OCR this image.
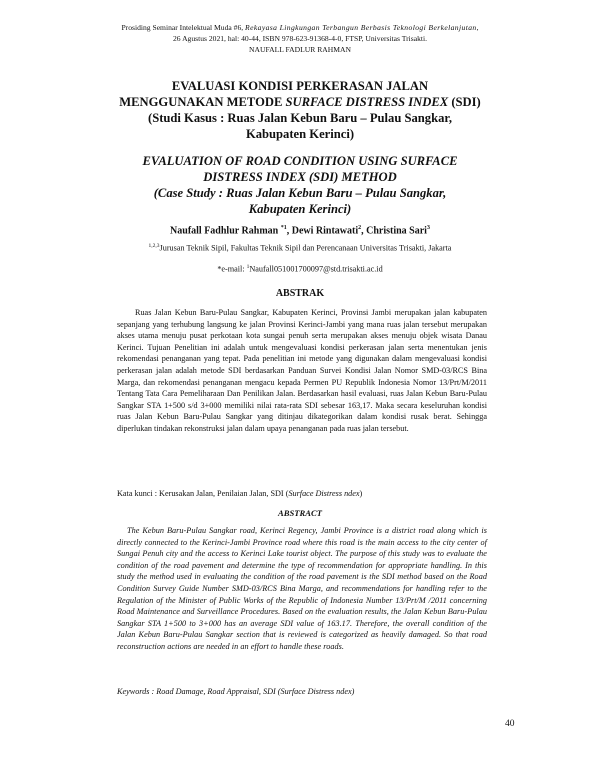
Prosiding Seminar Intelektual Muda #6, Rekayasa Lingkungan Terbangun Berbasis Teknologi Berkelanjutan,
26 Agustus 2021, hal: 40-44, ISBN 978-623-91368-4-0, FTSP, Universitas Trisakti.
NAUFALL FADLUR RAHMAN
EVALUASI KONDISI PERKERASAN JALAN
MENGGUNAKAN METODE SURFACE DISTRESS INDEX (SDI)
(Studi Kasus : Ruas Jalan Kebun Baru – Pulau Sangkar,
Kabupaten Kerinci)
EVALUATION OF ROAD CONDITION USING SURFACE
DISTRESS INDEX (SDI) METHOD
(Case Study : Ruas Jalan Kebun Baru – Pulau Sangkar,
Kabupaten Kerinci)
Naufall Fadhlur Rahman $^{*1}$, Dewi Rintawati$^2$, Christina Sari$^3$
$^{1,2,3}$Jurusan Teknik Sipil, Fakultas Teknik Sipil dan Perencanaan Universitas Trisakti, Jakarta
*e-mail: $^1$Naufall051001700097@std.trisakti.ac.id
ABSTRAK
Ruas Jalan Kebun Baru-Pulau Sangkar, Kabupaten Kerinci, Provinsi Jambi merupakan jalan kabupaten sepanjang yang terhubung langsung ke jalan Provinsi Kerinci-Jambi yang mana ruas jalan tersebut merupakan akses utama menuju pusat perkotaan kota sungai penuh serta merupakan akses menuju objek wisata Danau Kerinci. Tujuan Penelitian ini adalah untuk mengevaluasi kondisi perkerasan jalan serta menentukan jenis rekomendasi penanganan yang tepat. Pada penelitian ini metode yang digunakan dalam mengevaluasi kondisi perkerasan jalan adalah metode SDI berdasarkan Panduan Survei Kondisi Jalan Nomor SMD-03/RCS Bina Marga, dan rekomendasi penanganan mengacu kepada Permen PU Republik Indonesia Nomor 13/Prt/M/2011 Tentang Tata Cara Pemeliharaan Dan Penilikan Jalan. Berdasarkan hasil evaluasi, ruas Jalan Kebun Baru-Pulau Sangkar STA 1+500 s/d 3+000 memiliki nilai rata-rata SDI sebesar 163,17. Maka secara keseluruhan kondisi ruas Jalan Kebun Baru-Pulau Sangkar yang ditinjau dikategorikan dalam kondisi rusak berat. Sehingga diperlukan tindakan rekonstruksi jalan dalam upaya penanganan pada ruas jalan tersebut.
Kata kunci : Kerusakan Jalan, Penilaian Jalan, SDI (Surface Distress ndex)
ABSTRACT
The Kebun Baru-Pulau Sangkar road, Kerinci Regency, Jambi Province is a district road along which is directly connected to the Kerinci-Jambi Province road where this road is the main access to the city center of Sungai Penuh city and the access to Kerinci Lake tourist object. The purpose of this study was to evaluate the condition of the road pavement and determine the type of recommendation for appropriate handling. In this study the method used in evaluating the condition of the road pavement is the SDI method based on the Road Condition Survey Guide Number SMD-03/RCS Bina Marga, and recommendations for handling refer to the Regulation of the Minister of Public Works of the Republic of Indonesia Number 13/Prt/M /2011 concerning Road Maintenance and Surveillance Procedures. Based on the evaluation results, the Jalan Kebun Baru-Pulau Sangkar STA 1+500 to 3+000 has an average SDI value of 163.17. Therefore, the overall condition of the Jalan Kebun Baru-Pulau Sangkar section that is reviewed is categorized as heavily damaged. So that road reconstruction actions are needed in an effort to handle these roads.
Keywords : Road Damage, Road Appraisal, SDI (Surface Distress ndex)
40
